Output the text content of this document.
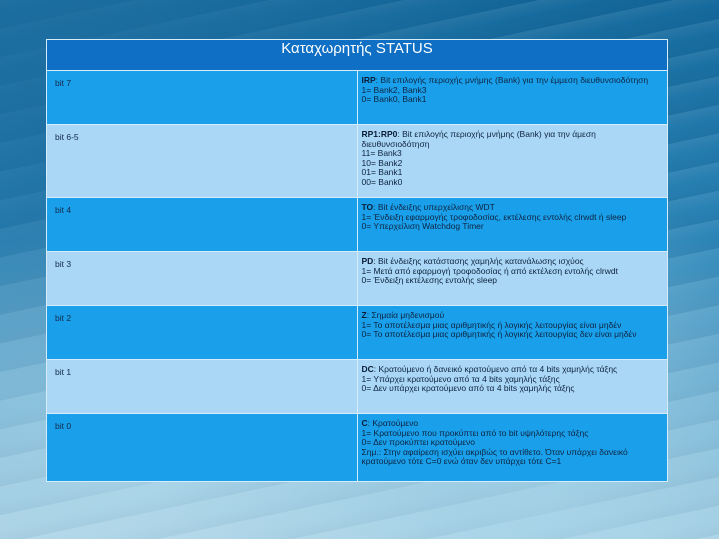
Καταχωρητής STATUS	

bit 7	IRP: Bit επιλογής περιοχής μνήμης (Bank) για την έμμεση διευθυνσιοδότηση
1= Bank2, Bank3
0= Bank0, Bank1

bit 6-5	RP1:RP0: Bit επιλογής περιοχής μνήμης (Bank) για την άμεση διευθυνσιοδότηση
11= Bank3
10= Bank2
01= Bank1
00= Bank0

bit 4	TO: Bit ένδειξης υπερχείλισης WDT
1= Ένδειξη εφαρμογής τροφοδοσίας, εκτέλεσης εντολής clrwdt ή sleep
0= Υπερχείλιση Watchdog Timer

bit 3	PD: Bit ένδειξης κατάστασης χαμηλής κατανάλωσης ισχύος
1= Μετά από εφαρμογή τροφοδοσίας ή από εκτέλεση εντολής clrwdt
0= Ένδειξη εκτέλεσης εντολής sleep

bit 2	Z: Σημαία μηδενισμού
1= Το αποτέλεσμα μιας αριθμητικής ή λογικής λειτουργίας είναι μηδέν
0= Το αποτέλεσμα μιας αριθμητικής ή λογικής λειτουργίας δεν είναι μηδέν

bit 1	DC: Κρατούμενο ή δανεικό κρατούμενο από τα 4 bits χαμηλής τάξης
1= Υπάρχει κρατούμενο από τα 4 bits χαμηλής τάξης
0= Δεν υπάρχει κρατούμενο από τα 4 bits χαμηλής τάξης

bit 0	C: Κρατούμενο
1= Κρατούμενο που προκύπτει από το bit υψηλότερης τάξης
0= Δεν προκύπτει κρατούμενο
Σημ.: Στην αφαίρεση ισχύει ακριβώς το αντίθετο. Όταν υπάρχει δανεικό κρατούμενο τότε C=0 ενώ όταν δεν υπάρχει τότε C=1
